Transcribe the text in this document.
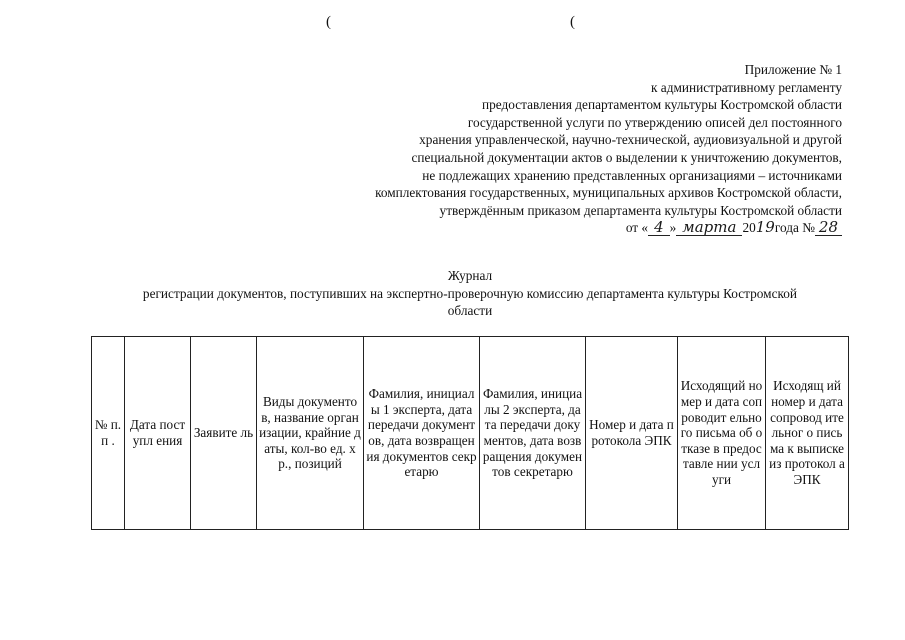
(	(
Приложение № 1
к административному регламенту
предоставления департаментом культуры Костромской области
государственной услуги по утверждению описей дел постоянного
хранения управленческой, научно-технической, аудиовизуальной и другой
специальной документации актов о выделении к уничтожению документов,
не подлежащих хранению представленных организациями – источниками
комплектования государственных, муниципальных архивов Костромской области,
утверждённым приказом департамента культуры Костромской области
от « 4 » марта 2019года № 28
Журнал
регистрации документов, поступивших на экспертно-проверочную комиссию департамента культуры Костромской
области
№ п.п .	Дата поступл ения	Заявите ль	Виды документов, название организации, крайние даты, кол-во ед. хр., позиций	Фамилия, инициалы 1 эксперта, дата передачи документов, дата возвращения документов секретарю	Фамилия, инициалы 2 эксперта, дата передачи документов, дата возвращения документов секретарю	Номер и дата протокола ЭПК	Исходящий номер и дата сопроводит ельного письма об отказе в предоставле нии услуги	Исходящ ий номер и дата сопровод ительног о письма к выписке из протокол а ЭПК
